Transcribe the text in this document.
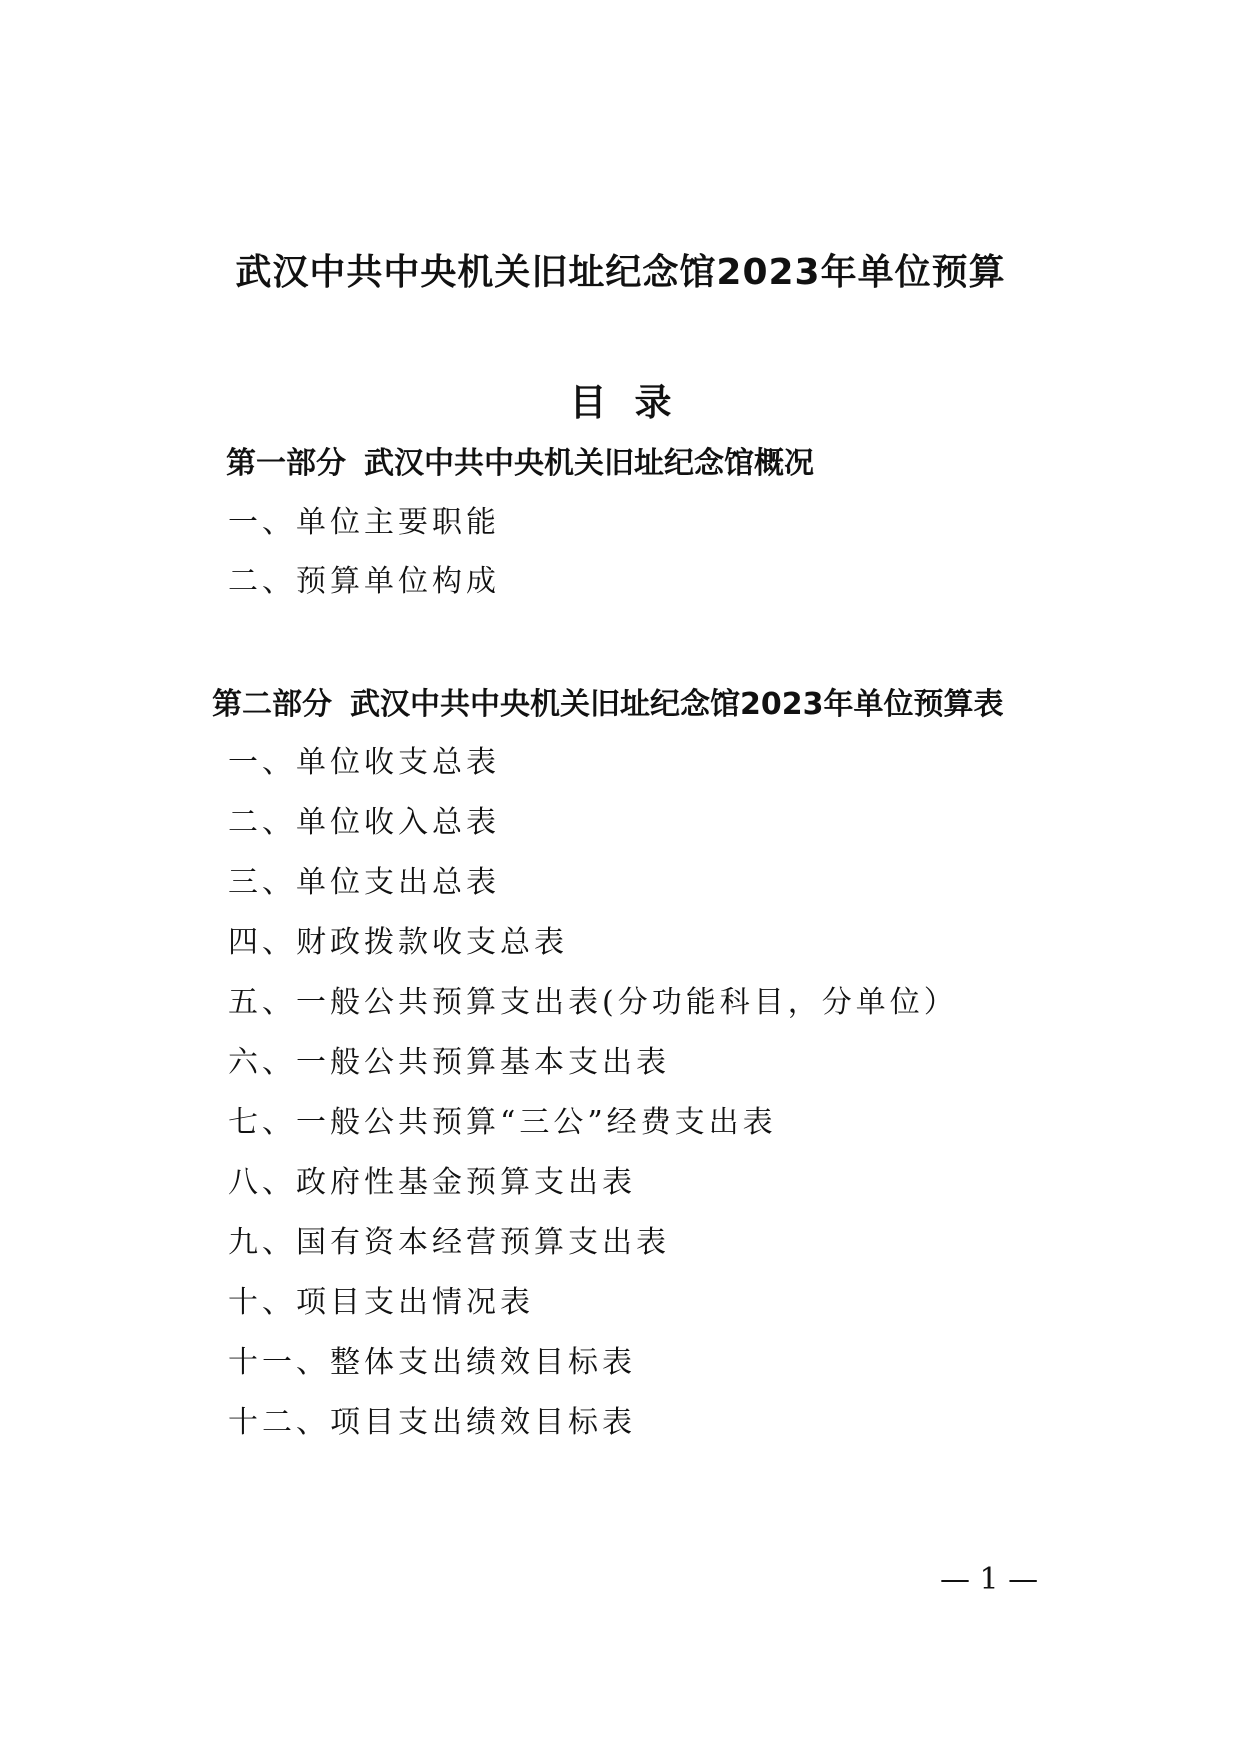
武汉中共中央机关旧址纪念馆2023年单位预算
目录
第一部分 武汉中共中央机关旧址纪念馆概况
一、单位主要职能
二、预算单位构成
第二部分 武汉中共中央机关旧址纪念馆2023年单位预算表
一、单位收支总表
二、单位收入总表
三、单位支出总表
四、财政拨款收支总表
五、一般公共预算支出表(分功能科目，分单位）
六、一般公共预算基本支出表
七、一般公共预算“三公”经费支出表
八、政府性基金预算支出表
九、国有资本经营预算支出表
十、项目支出情况表
十一、整体支出绩效目标表
十二、项目支出绩效目标表
— 1 —
